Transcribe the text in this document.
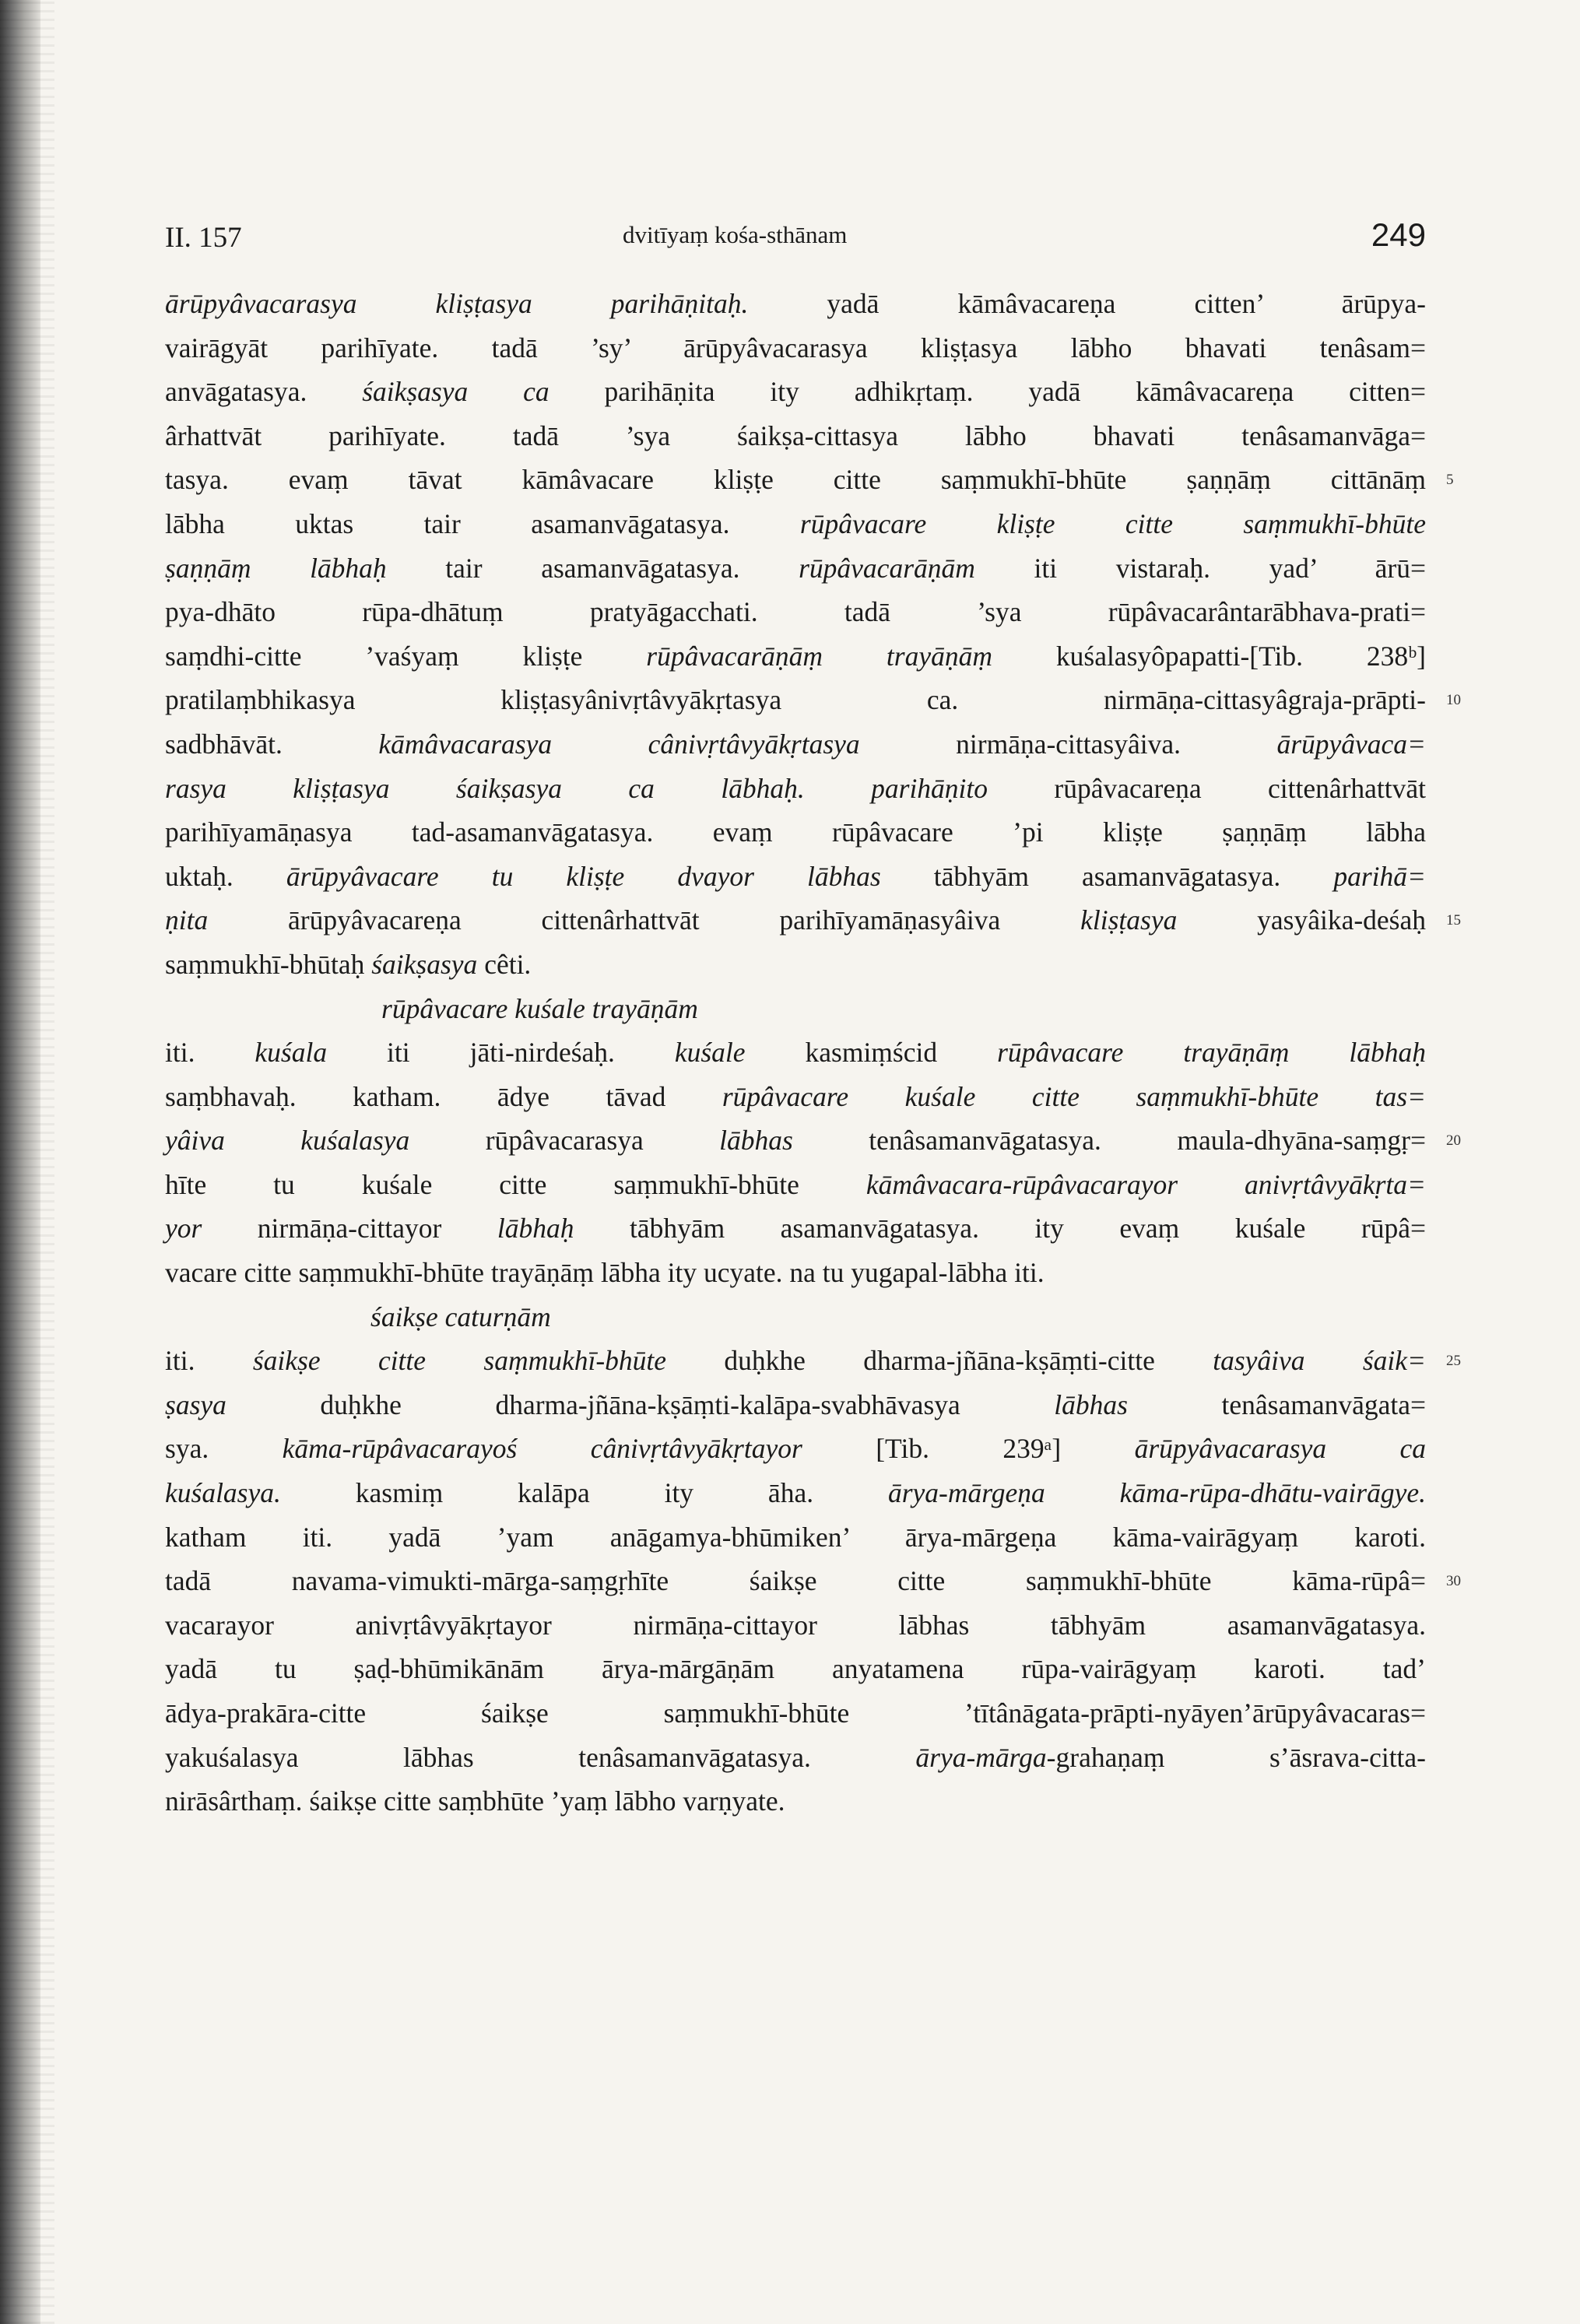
II. 157	dvitīyaṃ kośa-sthānam	249
ārūpyâvacarasya kliṣṭasya parihāṇitaḥ. yadā kāmâvacareṇa citten’ ārūpya-
vairāgyāt parihīyate. tadā ’sy’ ārūpyâvacarasya kliṣṭasya lābho bhavati tenâsam=
anvāgatasya. śaikṣasya ca parihāṇita ity adhikṛtaṃ. yadā kāmâvacareṇa citten=
ârhattvāt parihīyate. tadā ’sya śaikṣa-cittasya lābho bhavati tenâsamanvāga=
tasya. evaṃ tāvat kāmâvacare kliṣṭe citte saṃmukhī-bhūte ṣaṇṇāṃ cittānāṃ
lābha uktas tair asamanvāgatasya. rūpâvacare kliṣṭe citte saṃmukhī-bhūte
ṣaṇṇāṃ lābhaḥ tair asamanvāgatasya. rūpâvacarāṇām iti vistaraḥ. yad’ ārū=
pya-dhāto rūpa-dhātuṃ pratyāgacchati. tadā ’sya rūpâvacarântarābhava-prati=
saṃdhi-citte ’vaśyaṃ kliṣṭe rūpâvacarāṇāṃ trayāṇāṃ kuśalasyôpapatti-[Tib. 238ᵇ]
pratilaṃbhikasya kliṣṭasyânivṛtâvyākṛtasya ca. nirmāṇa-cittasyâgraja-prāpti-
sadbhāvāt. kāmâvacarasya cânivṛtâvyākṛtasya nirmāṇa-cittasyâiva. ārūpyâvaca=
rasya kliṣṭasya śaikṣasya ca lābhaḥ. parihāṇito rūpâvacareṇa cittenârhattvāt
parihīyamāṇasya tad-asamanvāgatasya. evaṃ rūpâvacare ’pi kliṣṭe ṣaṇṇāṃ lābha
uktaḥ. ārūpyâvacare tu kliṣṭe dvayor lābhas tābhyām asamanvāgatasya. parihā=
ṇita ārūpyâvacareṇa cittenârhattvāt parihīyamāṇasyâiva kliṣṭasya yasyâika-deśaḥ
saṃmukhī-bhūtaḥ śaikṣasya cêti.
rūpâvacare kuśale trayāṇām
iti. kuśala iti jāti-nirdeśaḥ. kuśale kasmiṃścid rūpâvacare trayāṇāṃ lābhaḥ
saṃbhavaḥ. katham. ādye tāvad rūpâvacare kuśale citte saṃmukhī-bhūte tas=
yâiva kuśalasya rūpâvacarasya lābhas tenâsamanvāgatasya. maula-dhyāna-saṃgṛ=
hīte tu kuśale citte saṃmukhī-bhūte kāmâvacara-rūpâvacarayor anivṛtâvyākṛta=
yor nirmāṇa-cittayor lābhaḥ tābhyām asamanvāgatasya. ity evaṃ kuśale rūpâ=
vacare citte saṃmukhī-bhūte trayāṇāṃ lābha ity ucyate. na tu yugapal-lābha iti.
śaikṣe caturṇām
iti. śaikṣe citte saṃmukhī-bhūte duḥkhe dharma-jñāna-kṣāṃti-citte tasyâiva śaik=
ṣasya duḥkhe dharma-jñāna-kṣāṃti-kalāpa-svabhāvasya lābhas tenâsamanvāgata=
sya. kāma-rūpâvacarayoś cânivṛtâvyākṛtayor [Tib. 239ᵃ] ārūpyâvacarasya ca
kuśalasya. kasmiṃ kalāpa ity āha. ārya-mārgeṇa kāma-rūpa-dhātu-vairāgye.
katham iti. yadā ’yam anāgamya-bhūmiken’ ārya-mārgeṇa kāma-vairāgyaṃ karoti.
tadā navama-vimukti-mārga-saṃgṛhīte śaikṣe citte saṃmukhī-bhūte kāma-rūpâ=
vacarayor anivṛtâvyākṛtayor nirmāṇa-cittayor lābhas tābhyām asamanvāgatasya.
yadā tu ṣaḍ-bhūmikānām ārya-mārgāṇām anyatamena rūpa-vairāgyaṃ karoti. tad’
ādya-prakāra-citte śaikṣe saṃmukhī-bhūte ’tītânāgata-prāpti-nyāyen’ārūpyâvacaras=
yakuśalasya lābhas tenâsamanvāgatasya. ārya-mārga-grahaṇaṃ s’āsrava-citta-
nirāsârthaṃ. śaikṣe citte saṃbhūte ’yaṃ lābho varṇyate.
5
10
15
20
25
30
